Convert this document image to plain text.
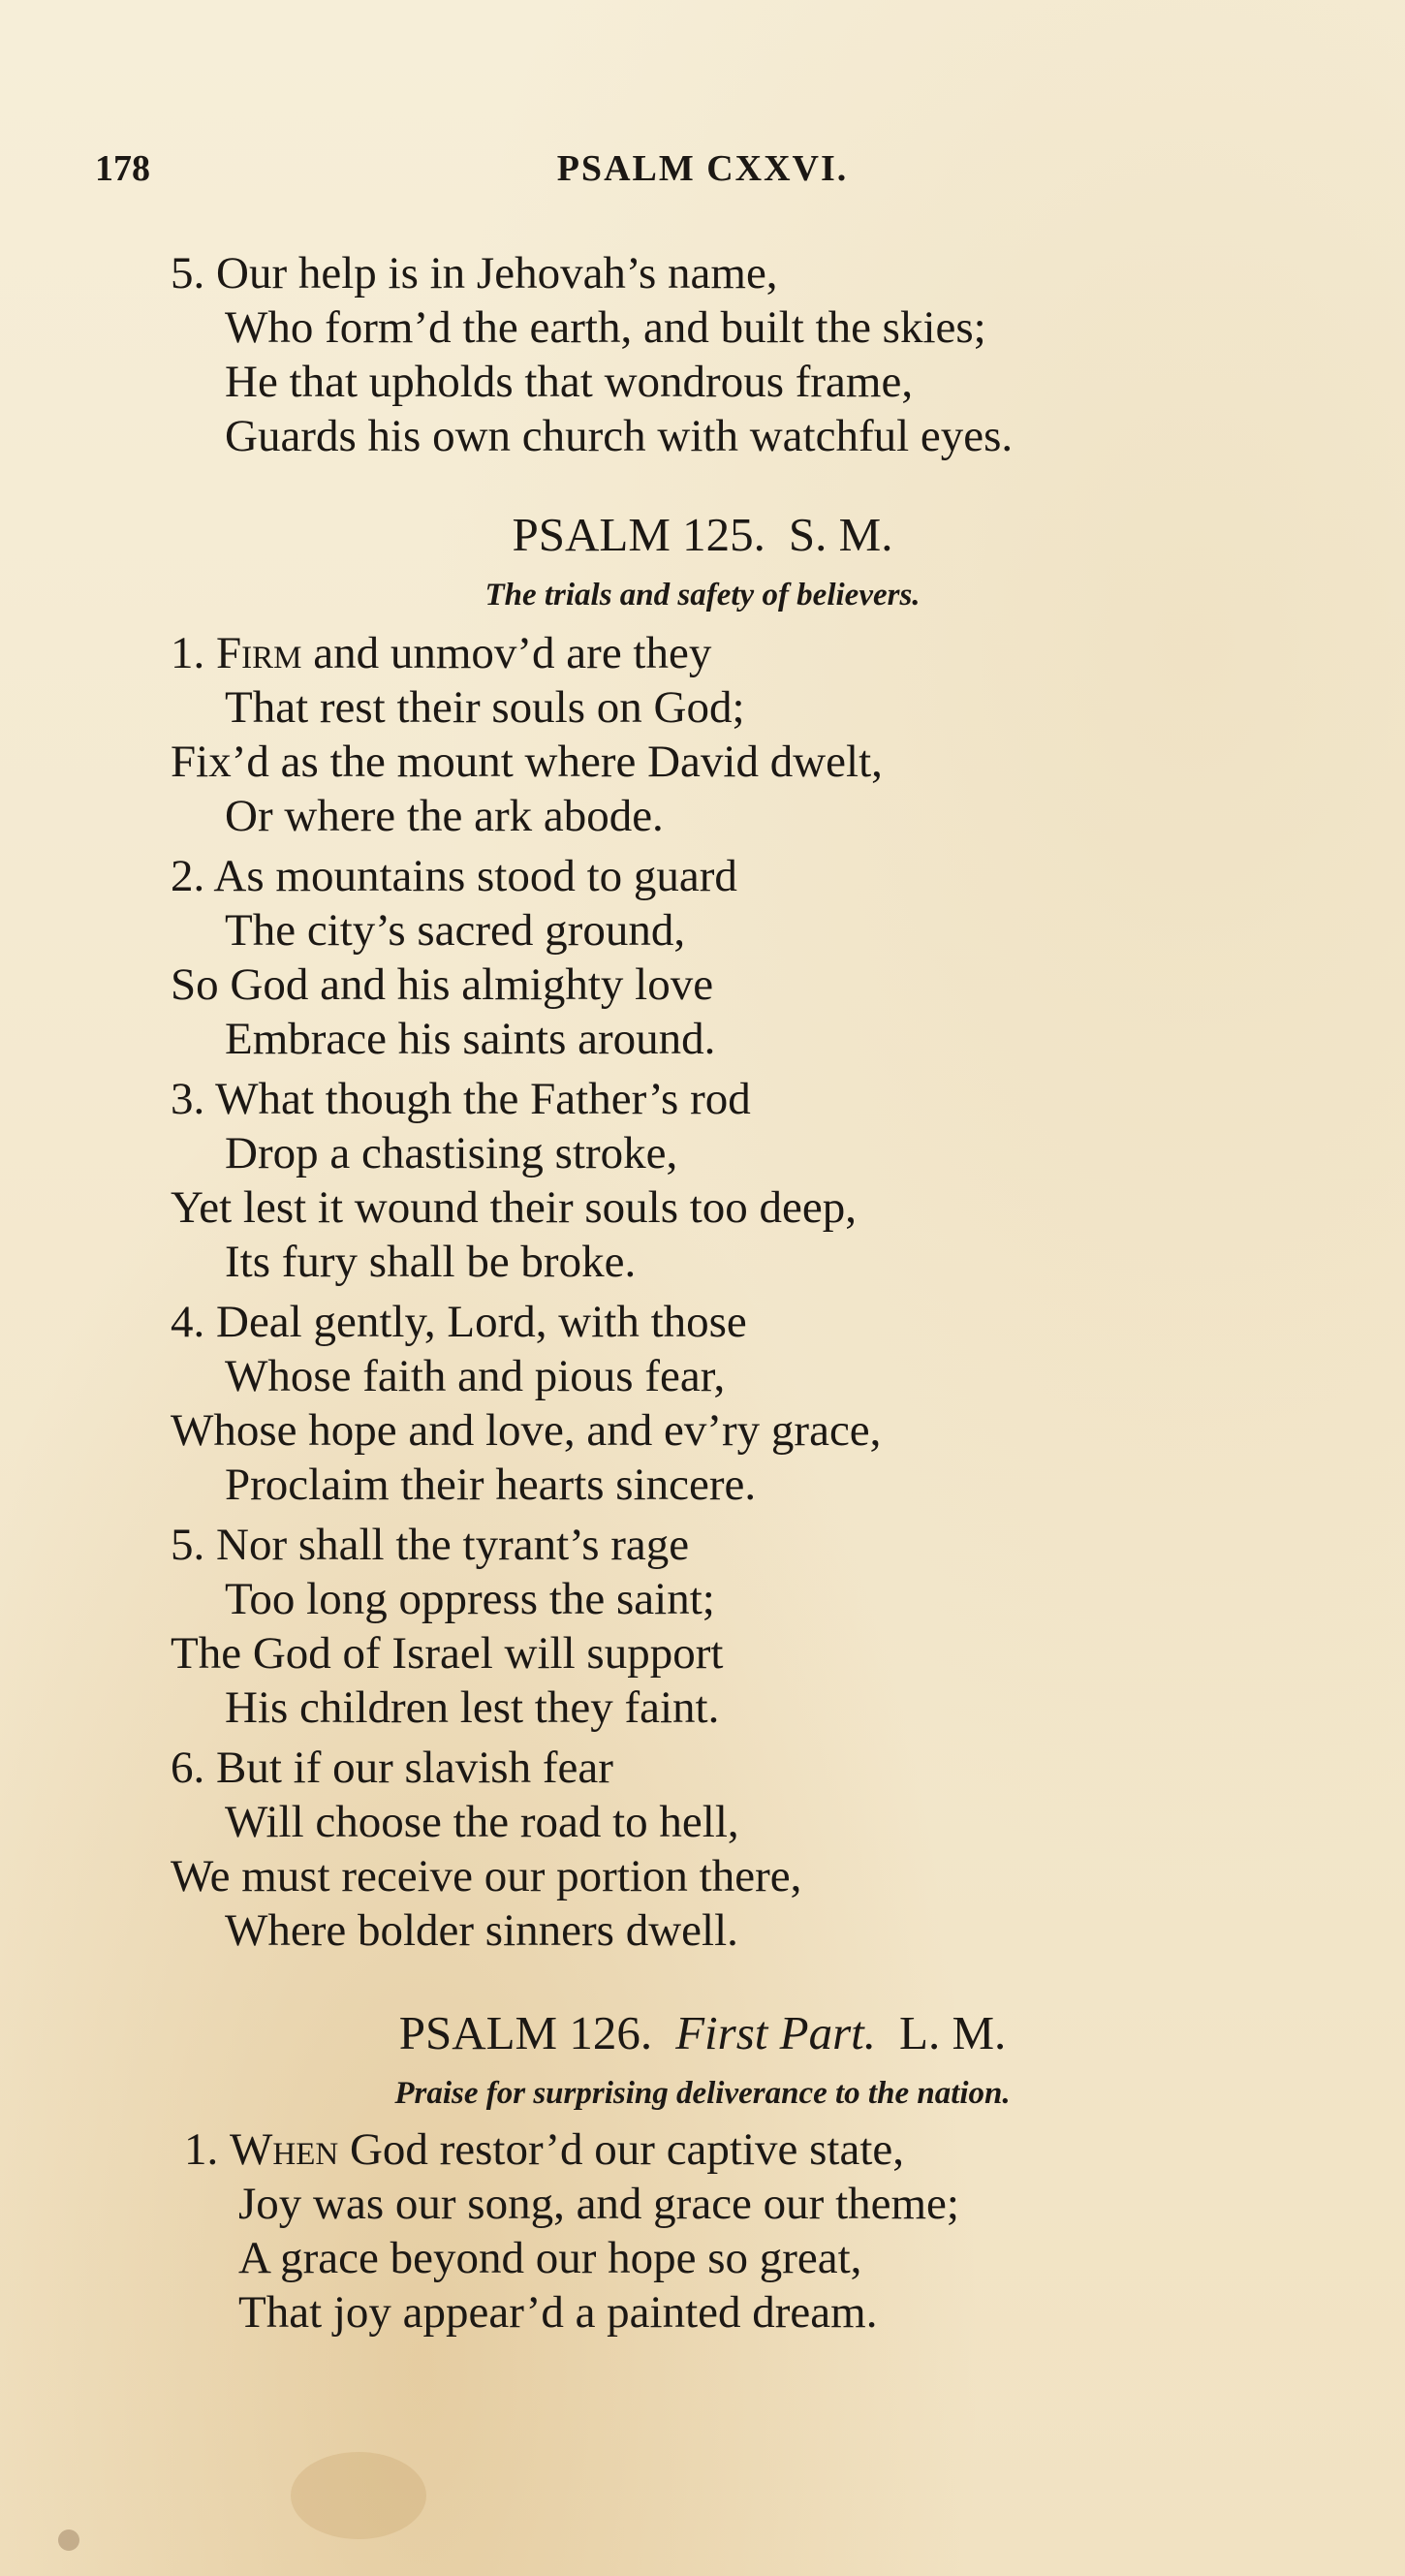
178	PSALM CXXVI.
5. Our help is in Jehovah’s name,
Who form’d the earth, and built the skies;
He that upholds that wondrous frame,
Guards his own church with watchful eyes.
PSALM 125. S. M.
The trials and safety of believers.
1. Firm and unmov’d are they
That rest their souls on God;
Fix’d as the mount where David dwelt,
Or where the ark abode.
2. As mountains stood to guard
The city’s sacred ground,
So God and his almighty love
Embrace his saints around.
3. What though the Father’s rod
Drop a chastising stroke,
Yet lest it wound their souls too deep,
Its fury shall be broke.
4. Deal gently, Lord, with those
Whose faith and pious fear,
Whose hope and love, and ev’ry grace,
Proclaim their hearts sincere.
5. Nor shall the tyrant’s rage
Too long oppress the saint;
The God of Israel will support
His children lest they faint.
6. But if our slavish fear
Will choose the road to hell,
We must receive our portion there,
Where bolder sinners dwell.
PSALM 126. First Part. L. M.
Praise for surprising deliverance to the nation.
1. When God restor’d our captive state,
Joy was our song, and grace our theme;
A grace beyond our hope so great,
That joy appear’d a painted dream.
